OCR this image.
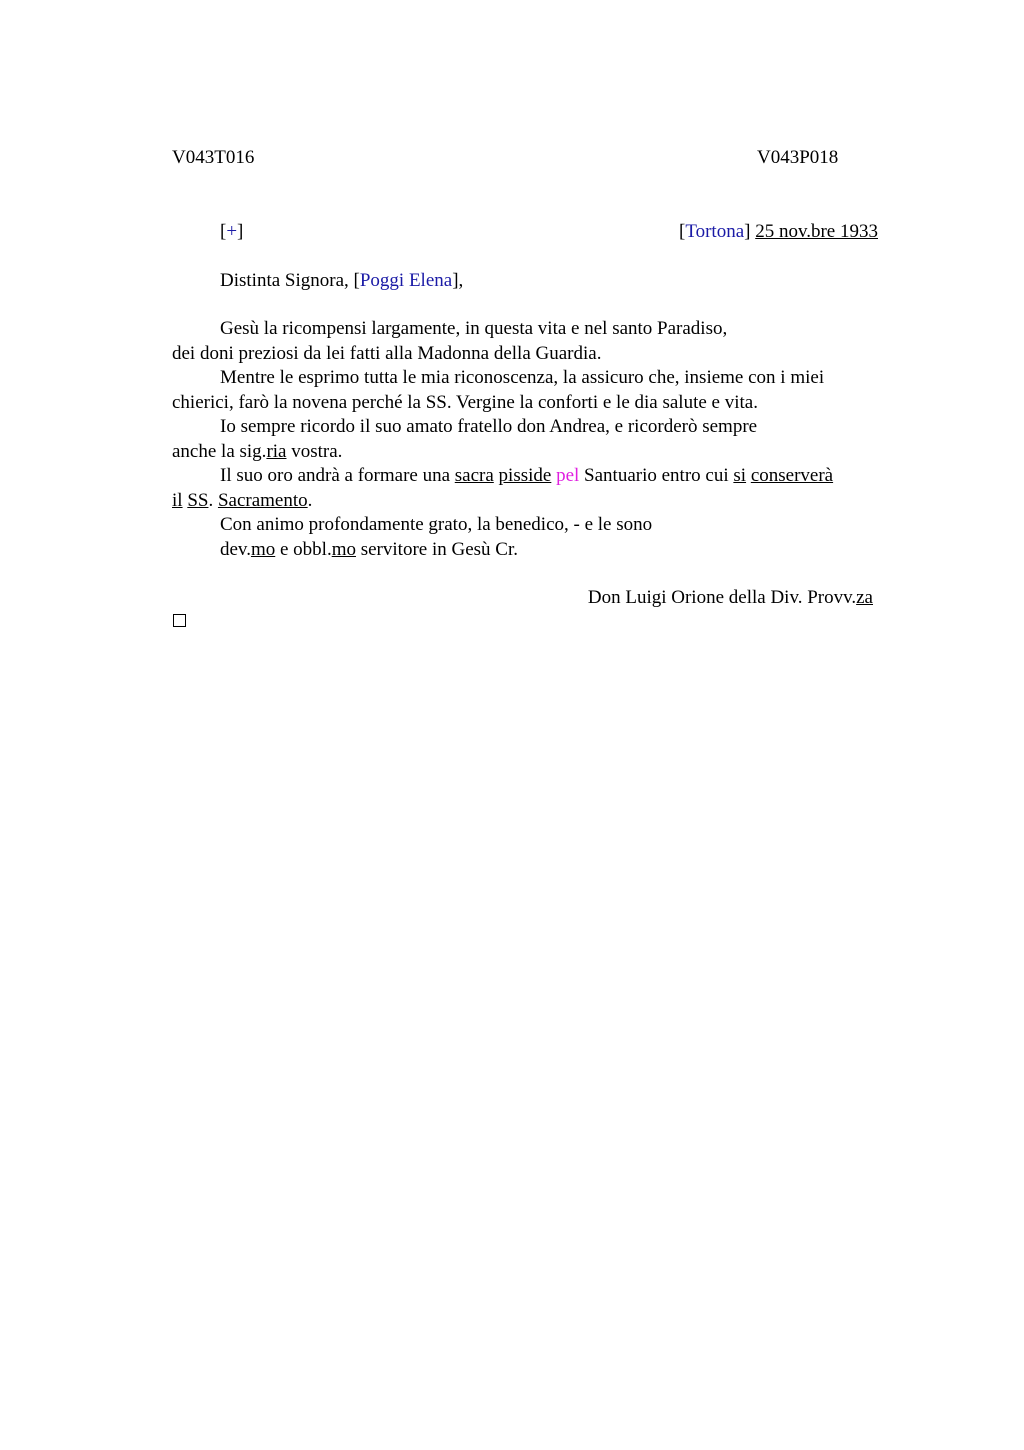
V043T016	V043P018
[+]	[Tortona] 25 nov.bre 1933
Distinta Signora, [Poggi Elena],
Gesù la ricompensi largamente, in questa vita e nel santo Paradiso,
dei doni preziosi da lei fatti alla Madonna della Guardia.
Mentre le esprimo tutta le mia riconoscenza, la assicuro che, insieme con i miei
chierici, farò la novena perché la SS. Vergine la conforti e le dia salute e vita.
Io sempre ricordo il suo amato fratello don Andrea, e ricorderò sempre
anche la sig.ria vostra.
Il suo oro andrà a formare una sacra pisside pel Santuario entro cui si conserverà
il SS. Sacramento.
Con animo profondamente grato, la benedico, - e le sono
dev.mo e obbl.mo servitore in Gesù Cr.
Don Luigi Orione della Div. Provv.za
